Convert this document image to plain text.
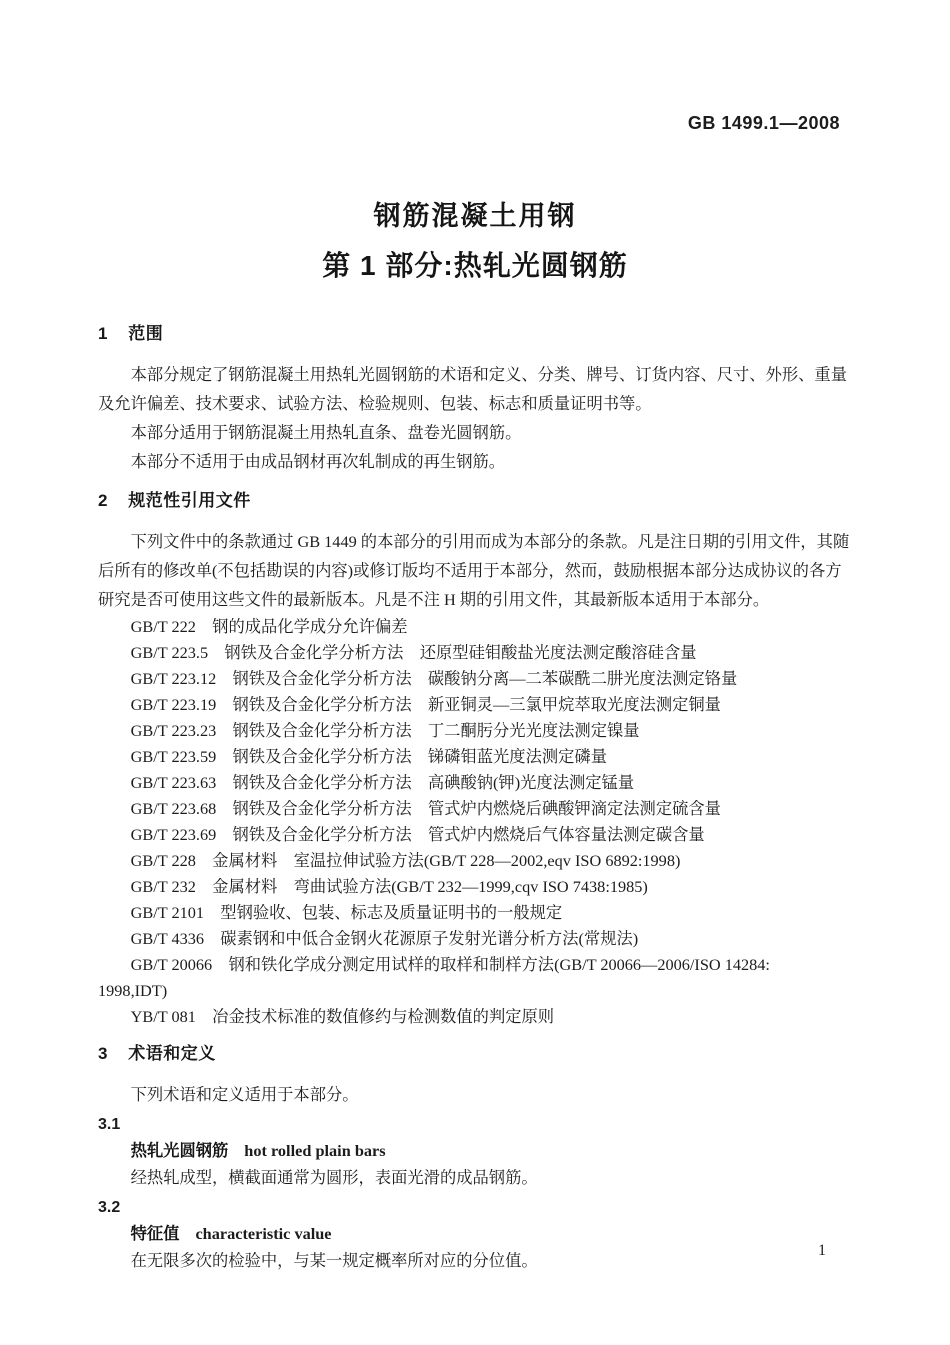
GB 1499.1—2008
钢筋混凝土用钢
第 1 部分:热轧光圆钢筋
1 范围

本部分规定了钢筋混凝土用热轧光圆钢筋的术语和定义、分类、牌号、订货内容、尺寸、外形、重量及允许偏差、技术要求、试验方法、检验规则、包装、标志和质量证明书等。

本部分适用于钢筋混凝土用热轧直条、盘卷光圆钢筋。

本部分不适用于由成品钢材再次轧制成的再生钢筋。

2 规范性引用文件

下列文件中的条款通过 GB 1449 的本部分的引用而成为本部分的条款。凡是注日期的引用文件，其随后所有的修改单(不包括勘误的内容)或修订版均不适用于本部分，然而，鼓励根据本部分达成协议的各方研究是否可使用这些文件的最新版本。凡是不注 H 期的引用文件，其最新版本适用于本部分。

GB/T 222　钢的成品化学成分允许偏差

GB/T 223.5　钢铁及合金化学分析方法　还原型硅钼酸盐光度法测定酸溶硅含量

GB/T 223.12　钢铁及合金化学分析方法　碳酸钠分离—二苯碳酰二肼光度法测定铬量

GB/T 223.19　钢铁及合金化学分析方法　新亚铜灵—三氯甲烷萃取光度法测定铜量

GB/T 223.23　钢铁及合金化学分析方法　丁二酮肟分光光度法测定镍量

GB/T 223.59　钢铁及合金化学分析方法　锑磷钼蓝光度法测定磷量

GB/T 223.63　钢铁及合金化学分析方法　高碘酸钠(钾)光度法测定锰量

GB/T 223.68　钢铁及合金化学分析方法　管式炉内燃烧后碘酸钾滴定法测定硫含量

GB/T 223.69　钢铁及合金化学分析方法　管式炉内燃烧后气体容量法测定碳含量

GB/T 228　金属材料　室温拉伸试验方法(GB/T 228—2002,eqv ISO 6892:1998)

GB/T 232　金属材料　弯曲试验方法(GB/T 232—1999,cqv ISO 7438:1985)

GB/T 2101　型钢验收、包装、标志及质量证明书的一般规定

GB/T 4336　碳素钢和中低合金钢火花源原子发射光谱分析方法(常规法)

GB/T 20066　钢和铁化学成分测定用试样的取样和制样方法(GB/T 20066—2006/ISO 14284:

1998,IDT)

YB/T 081　冶金技术标准的数值修约与检测数值的判定原则

3 术语和定义

下列术语和定义适用于本部分。

3.1

热轧光圆钢筋 hot rolled plain bars

经热轧成型，横截面通常为圆形，表面光滑的成品钢筋。

3.2

特征值 characteristic value

在无限多次的检验中，与某一规定概率所对应的分位值。

1
